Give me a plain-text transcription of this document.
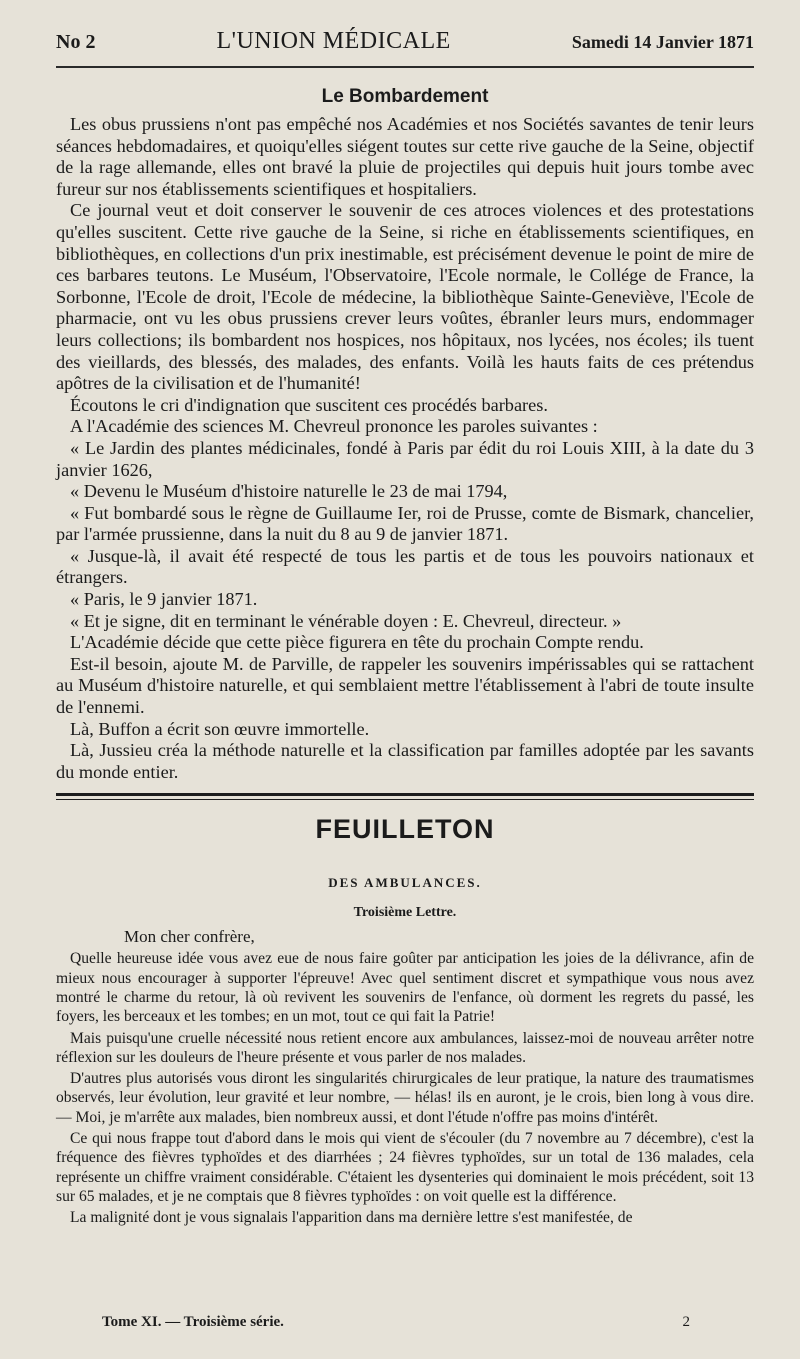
No 2	L'UNION MÉDICALE	Samedi 14 Janvier 1871
Le Bombardement

Les obus prussiens n'ont pas empêché nos Académies et nos Sociétés savantes de tenir leurs séances hebdomadaires, et quoiqu'elles siégent toutes sur cette rive gauche de la Seine, objectif de la rage allemande, elles ont bravé la pluie de projectiles qui depuis huit jours tombe avec fureur sur nos établissements scientifiques et hospitaliers.

Ce journal veut et doit conserver le souvenir de ces atroces violences et des protestations qu'elles suscitent. Cette rive gauche de la Seine, si riche en établissements scientifiques, en bibliothèques, en collections d'un prix inestimable, est précisément devenue le point de mire de ces barbares teutons. Le Muséum, l'Observatoire, l'Ecole normale, le Collége de France, la Sorbonne, l'Ecole de droit, l'Ecole de médecine, la bibliothèque Sainte-Geneviève, l'Ecole de pharmacie, ont vu les obus prussiens crever leurs voûtes, ébranler leurs murs, endommager leurs collections; ils bombardent nos hospices, nos hôpitaux, nos lycées, nos écoles; ils tuent des vieillards, des blessés, des malades, des enfants. Voilà les hauts faits de ces prétendus apôtres de la civilisation et de l'humanité!

Écoutons le cri d'indignation que suscitent ces procédés barbares.

A l'Académie des sciences M. Chevreul prononce les paroles suivantes :

« Le Jardin des plantes médicinales, fondé à Paris par édit du roi Louis XIII, à la date du 3 janvier 1626,

« Devenu le Muséum d'histoire naturelle le 23 de mai 1794,

« Fut bombardé sous le règne de Guillaume Ier, roi de Prusse, comte de Bismark, chancelier, par l'armée prussienne, dans la nuit du 8 au 9 de janvier 1871.

« Jusque-là, il avait été respecté de tous les partis et de tous les pouvoirs nationaux et étrangers.

« Paris, le 9 janvier 1871.

« Et je signe, dit en terminant le vénérable doyen : E. Chevreul, directeur. »

L'Académie décide que cette pièce figurera en tête du prochain Compte rendu.

Est-il besoin, ajoute M. de Parville, de rappeler les souvenirs impérissables qui se rattachent au Muséum d'histoire naturelle, et qui semblaient mettre l'établissement à l'abri de toute insulte de l'ennemi.

Là, Buffon a écrit son œuvre immortelle.

Là, Jussieu créa la méthode naturelle et la classification par familles adoptée par les savants du monde entier.

FEUILLETON
DES AMBULANCES.
Troisième Lettre.
Mon cher confrère,

Quelle heureuse idée vous avez eue de nous faire goûter par anticipation les joies de la délivrance, afin de mieux nous encourager à supporter l'épreuve! Avec quel sentiment discret et sympathique vous nous avez montré le charme du retour, là où revivent les souvenirs de l'enfance, où dorment les regrets du passé, les foyers, les berceaux et les tombes; en un mot, tout ce qui fait la Patrie!

Mais puisqu'une cruelle nécessité nous retient encore aux ambulances, laissez-moi de nouveau arrêter notre réflexion sur les douleurs de l'heure présente et vous parler de nos malades.

D'autres plus autorisés vous diront les singularités chirurgicales de leur pratique, la nature des traumatismes observés, leur évolution, leur gravité et leur nombre, — hélas! ils en auront, je le crois, bien long à vous dire. — Moi, je m'arrête aux malades, bien nombreux aussi, et dont l'étude n'offre pas moins d'intérêt.

Ce qui nous frappe tout d'abord dans le mois qui vient de s'écouler (du 7 novembre au 7 décembre), c'est la fréquence des fièvres typhoïdes et des diarrhées ; 24 fièvres typhoïdes, sur un total de 136 malades, cela représente un chiffre vraiment considérable. C'étaient les dysenteries qui dominaient le mois précédent, soit 13 sur 65 malades, et je ne comptais que 8 fièvres typhoïdes : on voit quelle est la différence.

La malignité dont je vous signalais l'apparition dans ma dernière lettre s'est manifestée, de

Tome XI. — Troisième série.	2
